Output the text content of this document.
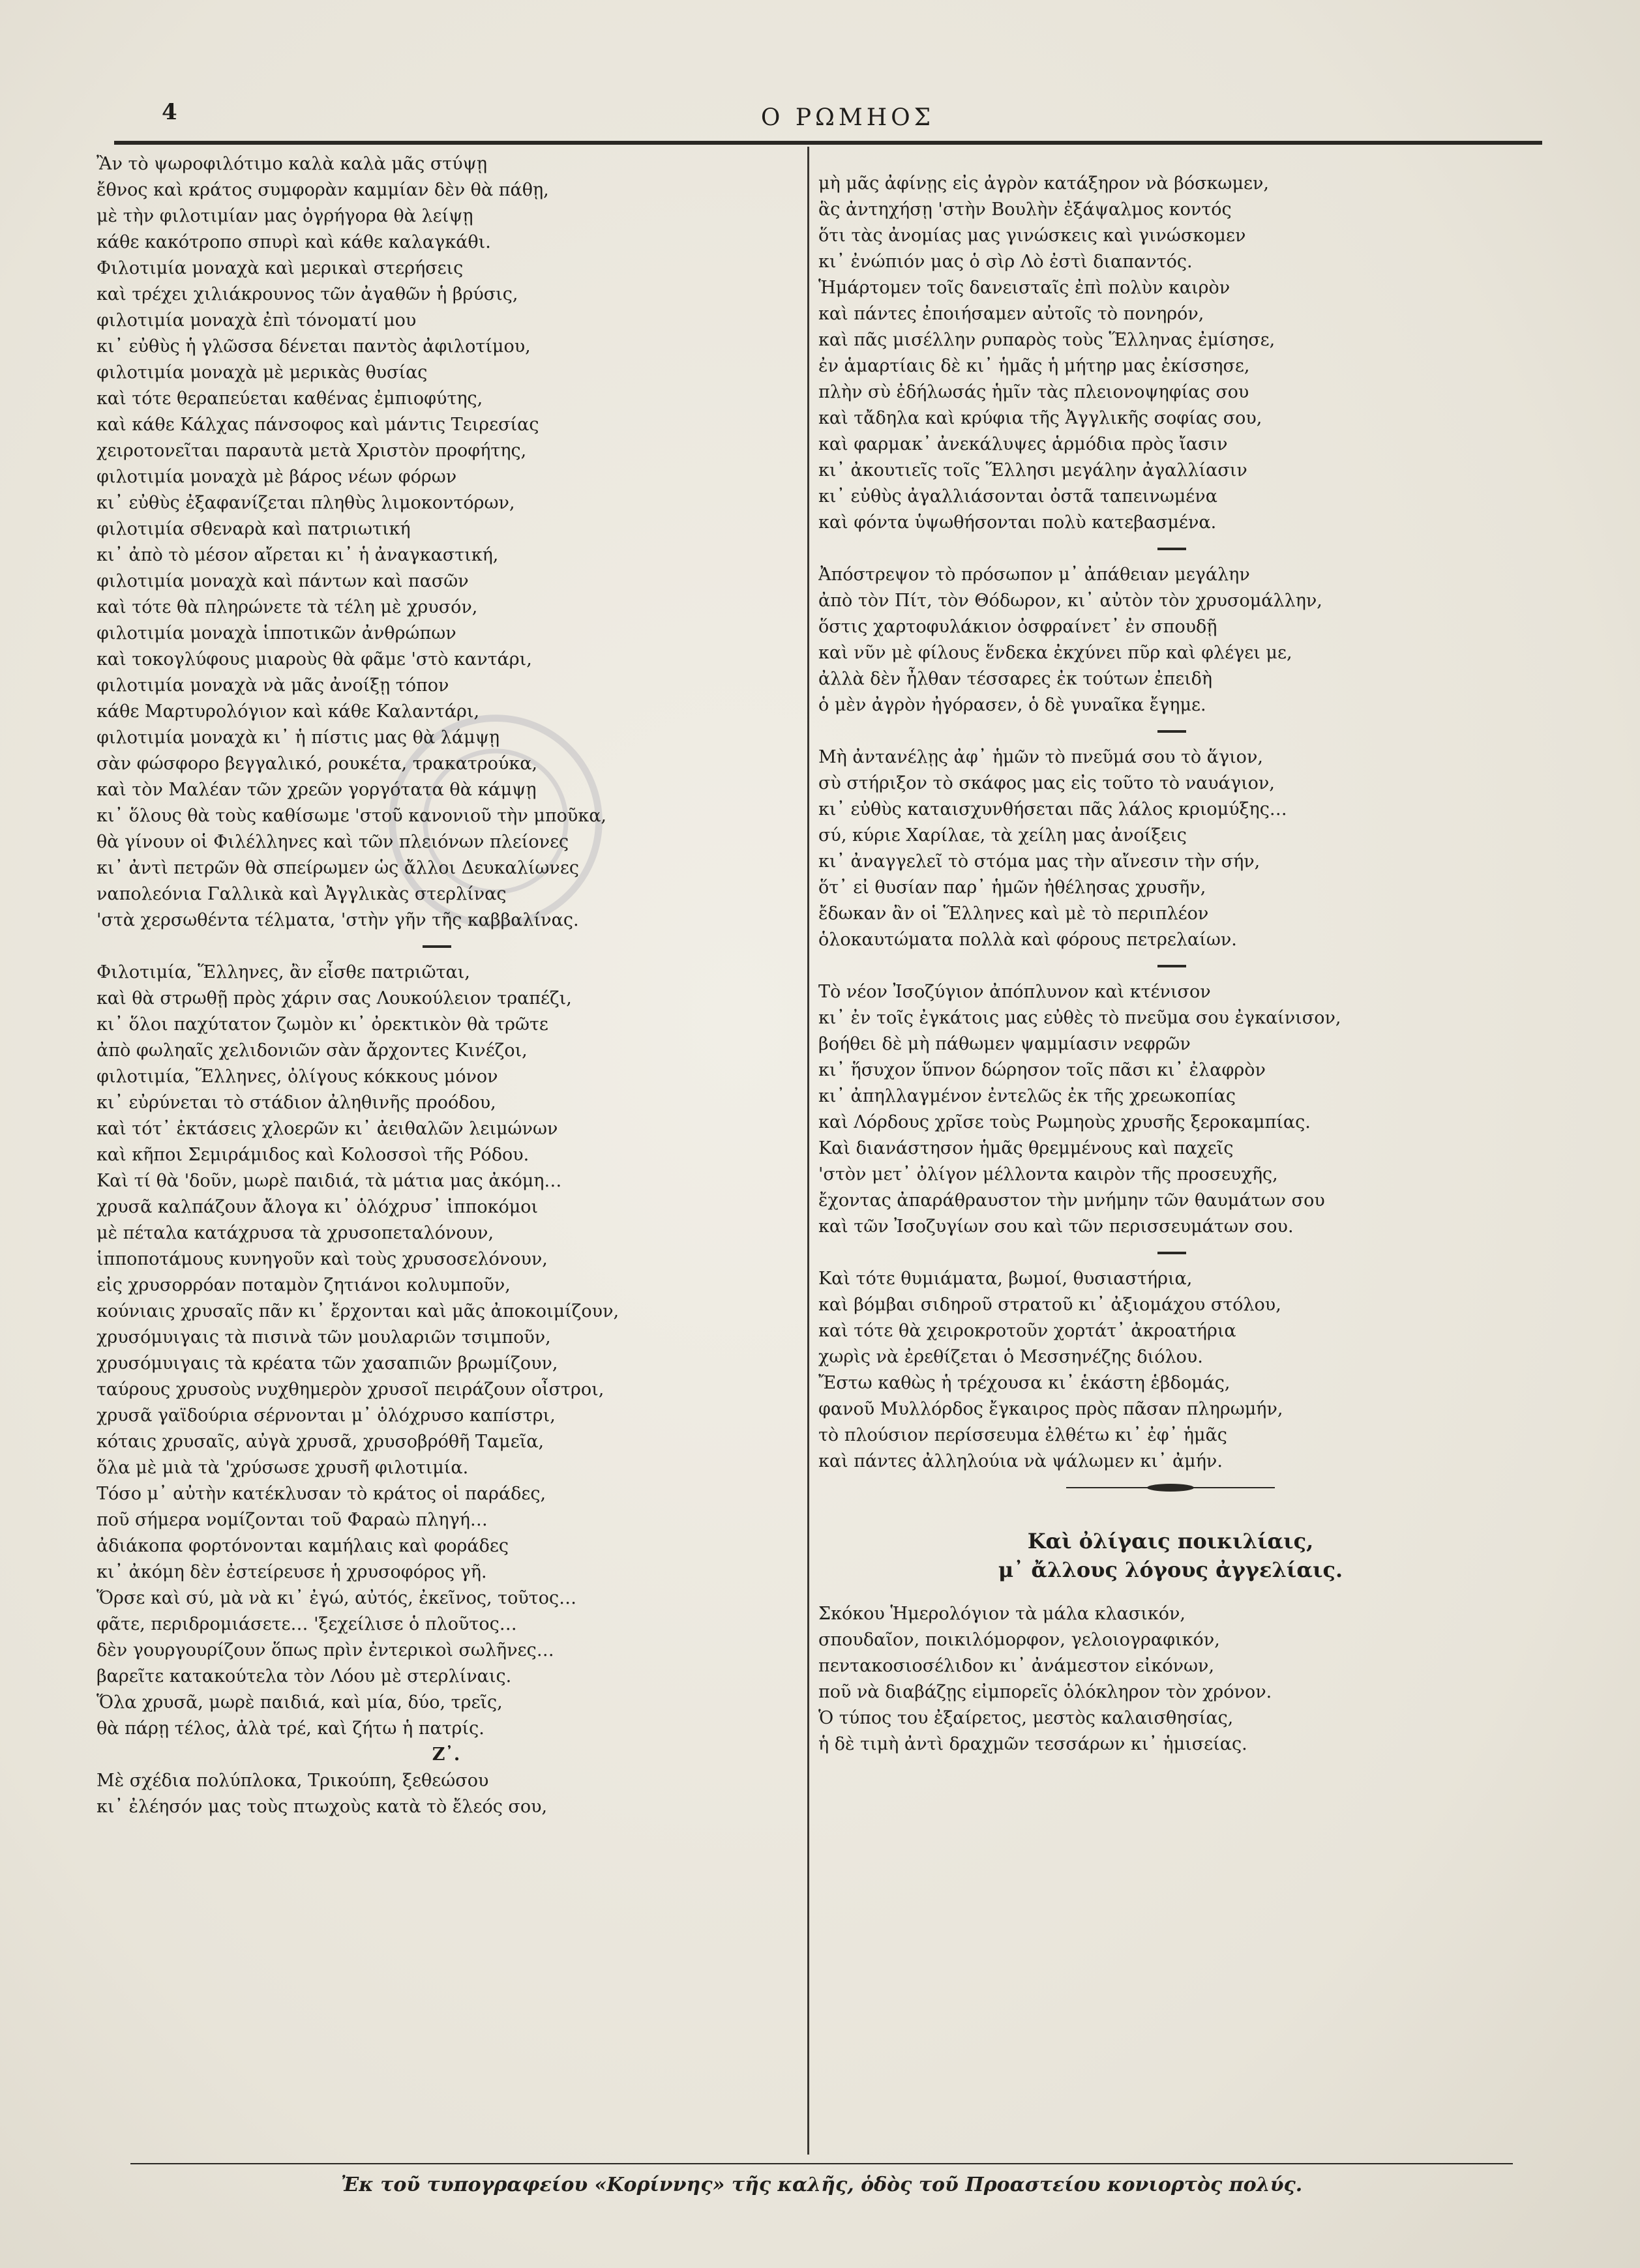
4	Ο ΡΩΜΗΟΣ
Ἂν τὸ ψωροφιλότιμο καλὰ καλὰ μᾶς στύψῃ
ἔθνος καὶ κράτος συμφορὰν καμμίαν δὲν θὰ πάθῃ,
μὲ τὴν φιλοτιμίαν μας ὀγρήγορα θὰ λείψῃ
κάθε κακότροπο σπυρὶ καὶ κάθε καλαγκάθι.
Φιλοτιμία μοναχὰ καὶ μερικαὶ στερήσεις
καὶ τρέχει χιλιάκρουνος τῶν ἀγαθῶν ἡ βρύσις,
φιλοτιμία μοναχὰ ἐπὶ τόνοματί μου
κι᾽ εὐθὺς ἡ γλῶσσα δένεται παντὸς ἀφιλοτίμου,
φιλοτιμία μοναχὰ μὲ μερικὰς θυσίας
καὶ τότε θεραπεύεται καθένας ἐμπιοφύτης,
καὶ κάθε Κάλχας πάνσοφος καὶ μάντις Τειρεσίας
χειροτονεῖται παραυτὰ μετὰ Χριστὸν προφήτης,
φιλοτιμία μοναχὰ μὲ βάρος νέων φόρων
κι᾽ εὐθὺς ἐξαφανίζεται πληθὺς λιμοκοντόρων,
φιλοτιμία σθεναρὰ καὶ πατριωτική
κι᾽ ἀπὸ τὸ μέσον αἴρεται κι᾽ ἡ ἀναγκαστική,
φιλοτιμία μοναχὰ καὶ πάντων καὶ πασῶν
καὶ τότε θὰ πληρώνετε τὰ τέλη μὲ χρυσόν,
φιλοτιμία μοναχὰ ἱπποτικῶν ἀνθρώπων
καὶ τοκογλύφους μιαροὺς θὰ φᾶμε 'στὸ καντάρι,
φιλοτιμία μοναχὰ νὰ μᾶς ἀνοίξῃ τόπον
κάθε Μαρτυρολόγιον καὶ κάθε Καλαντάρι,
φιλοτιμία μοναχὰ κι᾽ ἡ πίστις μας θὰ λάμψῃ
σὰν φώσφορο βεγγαλικό, ρουκέτα, τρακατρούκα,
καὶ τὸν Μαλέαν τῶν χρεῶν γοργότατα θὰ κάμψῃ
κι᾽ ὅλους θὰ τοὺς καθίσωμε 'στοῦ κανονιοῦ τὴν μποῦκα,
θὰ γίνουν οἱ Φιλέλληνες καὶ τῶν πλειόνων πλείονες
κι᾽ ἀντὶ πετρῶν θὰ σπείρωμεν ὡς ἄλλοι Δευκαλίωνες
ναπολεόνια Γαλλικὰ καὶ Ἀγγλικὰς στερλίνας
'στὰ χερσωθέντα τέλματα, 'στὴν γῆν τῆς καββαλίνας.
Φιλοτιμία, Ἕλληνες, ἂν εἶσθε πατριῶται,
καὶ θὰ στρωθῇ πρὸς χάριν σας Λουκούλειον τραπέζι,
κι᾽ ὅλοι παχύτατον ζωμὸν κι᾽ ὀρεκτικὸν θὰ τρῶτε
ἀπὸ φωληαῖς χελιδονιῶν σὰν ἄρχοντες Κινέζοι,
φιλοτιμία, Ἕλληνες, ὀλίγους κόκκους μόνον
κι᾽ εὐρύνεται τὸ στάδιον ἀληθινῆς προόδου,
καὶ τότ᾽ ἐκτάσεις χλοερῶν κι᾽ ἀειθαλῶν λειμώνων
καὶ κῆποι Σεμιράμιδος καὶ Κολοσσοὶ τῆς Ρόδου.
Καὶ τί θὰ 'δοῦν, μωρὲ παιδιά, τὰ μάτια μας ἀκόμη…
χρυσᾶ καλπάζουν ἄλογα κι᾽ ὁλόχρυσ᾽ ἱπποκόμοι
μὲ πέταλα κατάχρυσα τὰ χρυσοπεταλόνουν,
ἱπποποτάμους κυνηγοῦν καὶ τοὺς χρυσοσελόνουν,
εἰς χρυσορρόαν ποταμὸν ζητιάνοι κολυμποῦν,
κούνιαις χρυσαῖς πᾶν κι᾽ ἔρχονται καὶ μᾶς ἀποκοιμίζουν,
χρυσόμυιγαις τὰ πισινὰ τῶν μουλαριῶν τσιμποῦν,
χρυσόμυιγαις τὰ κρέατα τῶν χασαπιῶν βρωμίζουν,
ταύρους χρυσοὺς νυχθημερὸν χρυσοῖ πειράζουν οἶστροι,
χρυσᾶ γαϊδούρια σέρνονται μ᾽ ὁλόχρυσο καπίστρι,
κόταις χρυσαῖς, αὐγὰ χρυσᾶ, χρυσοβρόθῆ Ταμεῖα,
ὅλα μὲ μιὰ τὰ 'χρύσωσε χρυσῆ φιλοτιμία.
Τόσο μ᾽ αὐτὴν κατέκλυσαν τὸ κράτος οἱ παράδες,
ποῦ σήμερα νομίζονται τοῦ Φαραὼ πληγή…
ἀδιάκοπα φορτόνονται καμήλαις καὶ φοράδες
κι᾽ ἀκόμη δὲν ἐστείρευσε ἡ χρυσοφόρος γῆ.
Ὅρσε καὶ σύ, μὰ νὰ κι᾽ ἐγώ, αὐτός, ἐκεῖνος, τοῦτος…
φᾶτε, περιδρομιάσετε… 'ξεχείλισε ὁ πλοῦτος…
δὲν γουργουρίζουν ὅπως πρὶν ἐντερικοὶ σωλῆνες…
βαρεῖτε κατακούτελα τὸν Λόου μὲ στερλίναις.
Ὅλα χρυσᾶ, μωρὲ παιδιά, καὶ μία, δύο, τρεῖς,
θὰ πάρῃ τέλος, ἀλὰ τρέ, καὶ ζήτω ἡ πατρίς.
Ζ᾽.
Μὲ σχέδια πολύπλοκα, Τρικούπη, ξεθεώσου
κι᾽ ἐλέησόν μας τοὺς πτωχοὺς κατὰ τὸ ἔλεός σου,
μὴ μᾶς ἀφίνῃς εἰς ἀγρὸν κατάξηρον νὰ βόσκωμεν,
ἃς ἀντηχήσῃ 'στὴν Βουλὴν ἐξάψαλμος κοντός
ὅτι τὰς ἀνομίας μας γινώσκεις καὶ γινώσκομεν
κι᾽ ἐνώπιόν μας ὁ σὶρ Λὸ ἐστὶ διαπαντός.
Ἡμάρτομεν τοῖς δανεισταῖς ἐπὶ πολὺν καιρὸν
καὶ πάντες ἐποιήσαμεν αὐτοῖς τὸ πονηρόν,
καὶ πᾶς μισέλλην ρυπαρὸς τοὺς Ἕλληνας ἐμίσησε,
ἐν ἁμαρτίαις δὲ κι᾽ ἡμᾶς ἡ μήτηρ μας ἐκίσσησε,
πλὴν σὺ ἐδήλωσάς ἡμῖν τὰς πλειονοψηφίας σου
καὶ τἄδηλα καὶ κρύφια τῆς Ἀγγλικῆς σοφίας σου,
καὶ φαρμακ᾽ ἀνεκάλυψες ἁρμόδια πρὸς ἴασιν
κι᾽ ἀκουτιεῖς τοῖς Ἕλλησι μεγάλην ἀγαλλίασιν
κι᾽ εὐθὺς ἀγαλλιάσονται ὀστᾶ ταπεινωμένα
καὶ φόντα ὑψωθήσονται πολὺ κατεβασμένα.
Ἀπόστρεψον τὸ πρόσωπον μ᾽ ἀπάθειαν μεγάλην
ἀπὸ τὸν Πίτ, τὸν Θόδωρον, κι᾽ αὐτὸν τὸν χρυσομάλλην,
ὅστις χαρτοφυλάκιον ὀσφραίνετ᾽ ἐν σπουδῇ
καὶ νῦν μὲ φίλους ἕνδεκα ἐκχύνει πῦρ καὶ φλέγει με,
ἀλλὰ δὲν ἦλθαν τέσσαρες ἐκ τούτων ἐπειδὴ
ὁ μὲν ἀγρὸν ἠγόρασεν, ὁ δὲ γυναῖκα ἔγημε.
Μὴ ἀντανέλῃς ἀφ᾽ ἡμῶν τὸ πνεῦμά σου τὸ ἅγιον,
σὺ στήριξον τὸ σκάφος μας εἰς τοῦτο τὸ ναυάγιον,
κι᾽ εὐθὺς καταισχυνθήσεται πᾶς λάλος κριομύξης…
σύ, κύριε Χαρίλαε, τὰ χείλη μας ἀνοίξεις
κι᾽ ἀναγγελεῖ τὸ στόμα μας τὴν αἴνεσιν τὴν σήν,
ὅτ᾽ εἰ θυσίαν παρ᾽ ἡμῶν ἠθέλησας χρυσῆν,
ἔδωκαν ἂν οἱ Ἕλληνες καὶ μὲ τὸ περιπλέον
ὁλοκαυτώματα πολλὰ καὶ φόρους πετρελαίων.
Τὸ νέον Ἰσοζύγιον ἀπόπλυνον καὶ κτένισον
κι᾽ ἐν τοῖς ἐγκάτοις μας εὐθὲς τὸ πνεῦμα σου ἐγκαίνισον,
βοήθει δὲ μὴ πάθωμεν ψαμμίασιν νεφρῶν
κι᾽ ἥσυχον ὕπνον δώρησον τοῖς πᾶσι κι᾽ ἐλαφρὸν
κι᾽ ἀπηλλαγμένον ἐντελῶς ἐκ τῆς χρεωκοπίας
καὶ Λόρδους χρῖσε τοὺς Ρωμηοὺς χρυσῆς ξεροκαμπίας.
Καὶ διανάστησον ἡμᾶς θρεμμένους καὶ παχεῖς
'στὸν μετ᾽ ὀλίγον μέλλοντα καιρὸν τῆς προσευχῆς,
ἔχοντας ἀπαράθραυστον τὴν μνήμην τῶν θαυμάτων σου
καὶ τῶν Ἰσοζυγίων σου καὶ τῶν περισσευμάτων σου.
Καὶ τότε θυμιάματα, βωμοί, θυσιαστήρια,
καὶ βόμβαι σιδηροῦ στρατοῦ κι᾽ ἀξιομάχου στόλου,
καὶ τότε θὰ χειροκροτοῦν χορτάτ᾽ ἀκροατήρια
χωρὶς νὰ ἐρεθίζεται ὁ Μεσσηνέζης διόλου.
Ἔστω καθὼς ἡ τρέχουσα κι᾽ ἑκάστη ἑβδομάς,
φανοῦ Μυλλόρδος ἔγκαιρος πρὸς πᾶσαν πληρωμήν,
τὸ πλούσιον περίσσευμα ἐλθέτω κι᾽ ἐφ᾽ ἡμᾶς
καὶ πάντες ἀλληλούια νὰ ψάλωμεν κι᾽ ἀμήν.
Καὶ ὀλίγαις ποικιλίαις,
μ᾽ ἄλλους λόγους ἀγγελίαις.
Σκόκου Ἡμερολόγιον τὰ μάλα κλασικόν,
σπουδαῖον, ποικιλόμορφον, γελοιογραφικόν,
πεντακοσιοσέλιδον κι᾽ ἀνάμεστον εἰκόνων,
ποῦ νὰ διαβάζῃς εἰμπορεῖς ὁλόκληρον τὸν χρόνον.
Ὁ τύπος του ἐξαίρετος, μεστὸς καλαισθησίας,
ἡ δὲ τιμὴ ἀντὶ δραχμῶν τεσσάρων κι᾽ ἡμισείας.
Ἐκ τοῦ τυπογραφείου «Κορίννης» τῆς καλῆς, ὁδὸς τοῦ Προαστείου κονιορτὸς πολύς.
